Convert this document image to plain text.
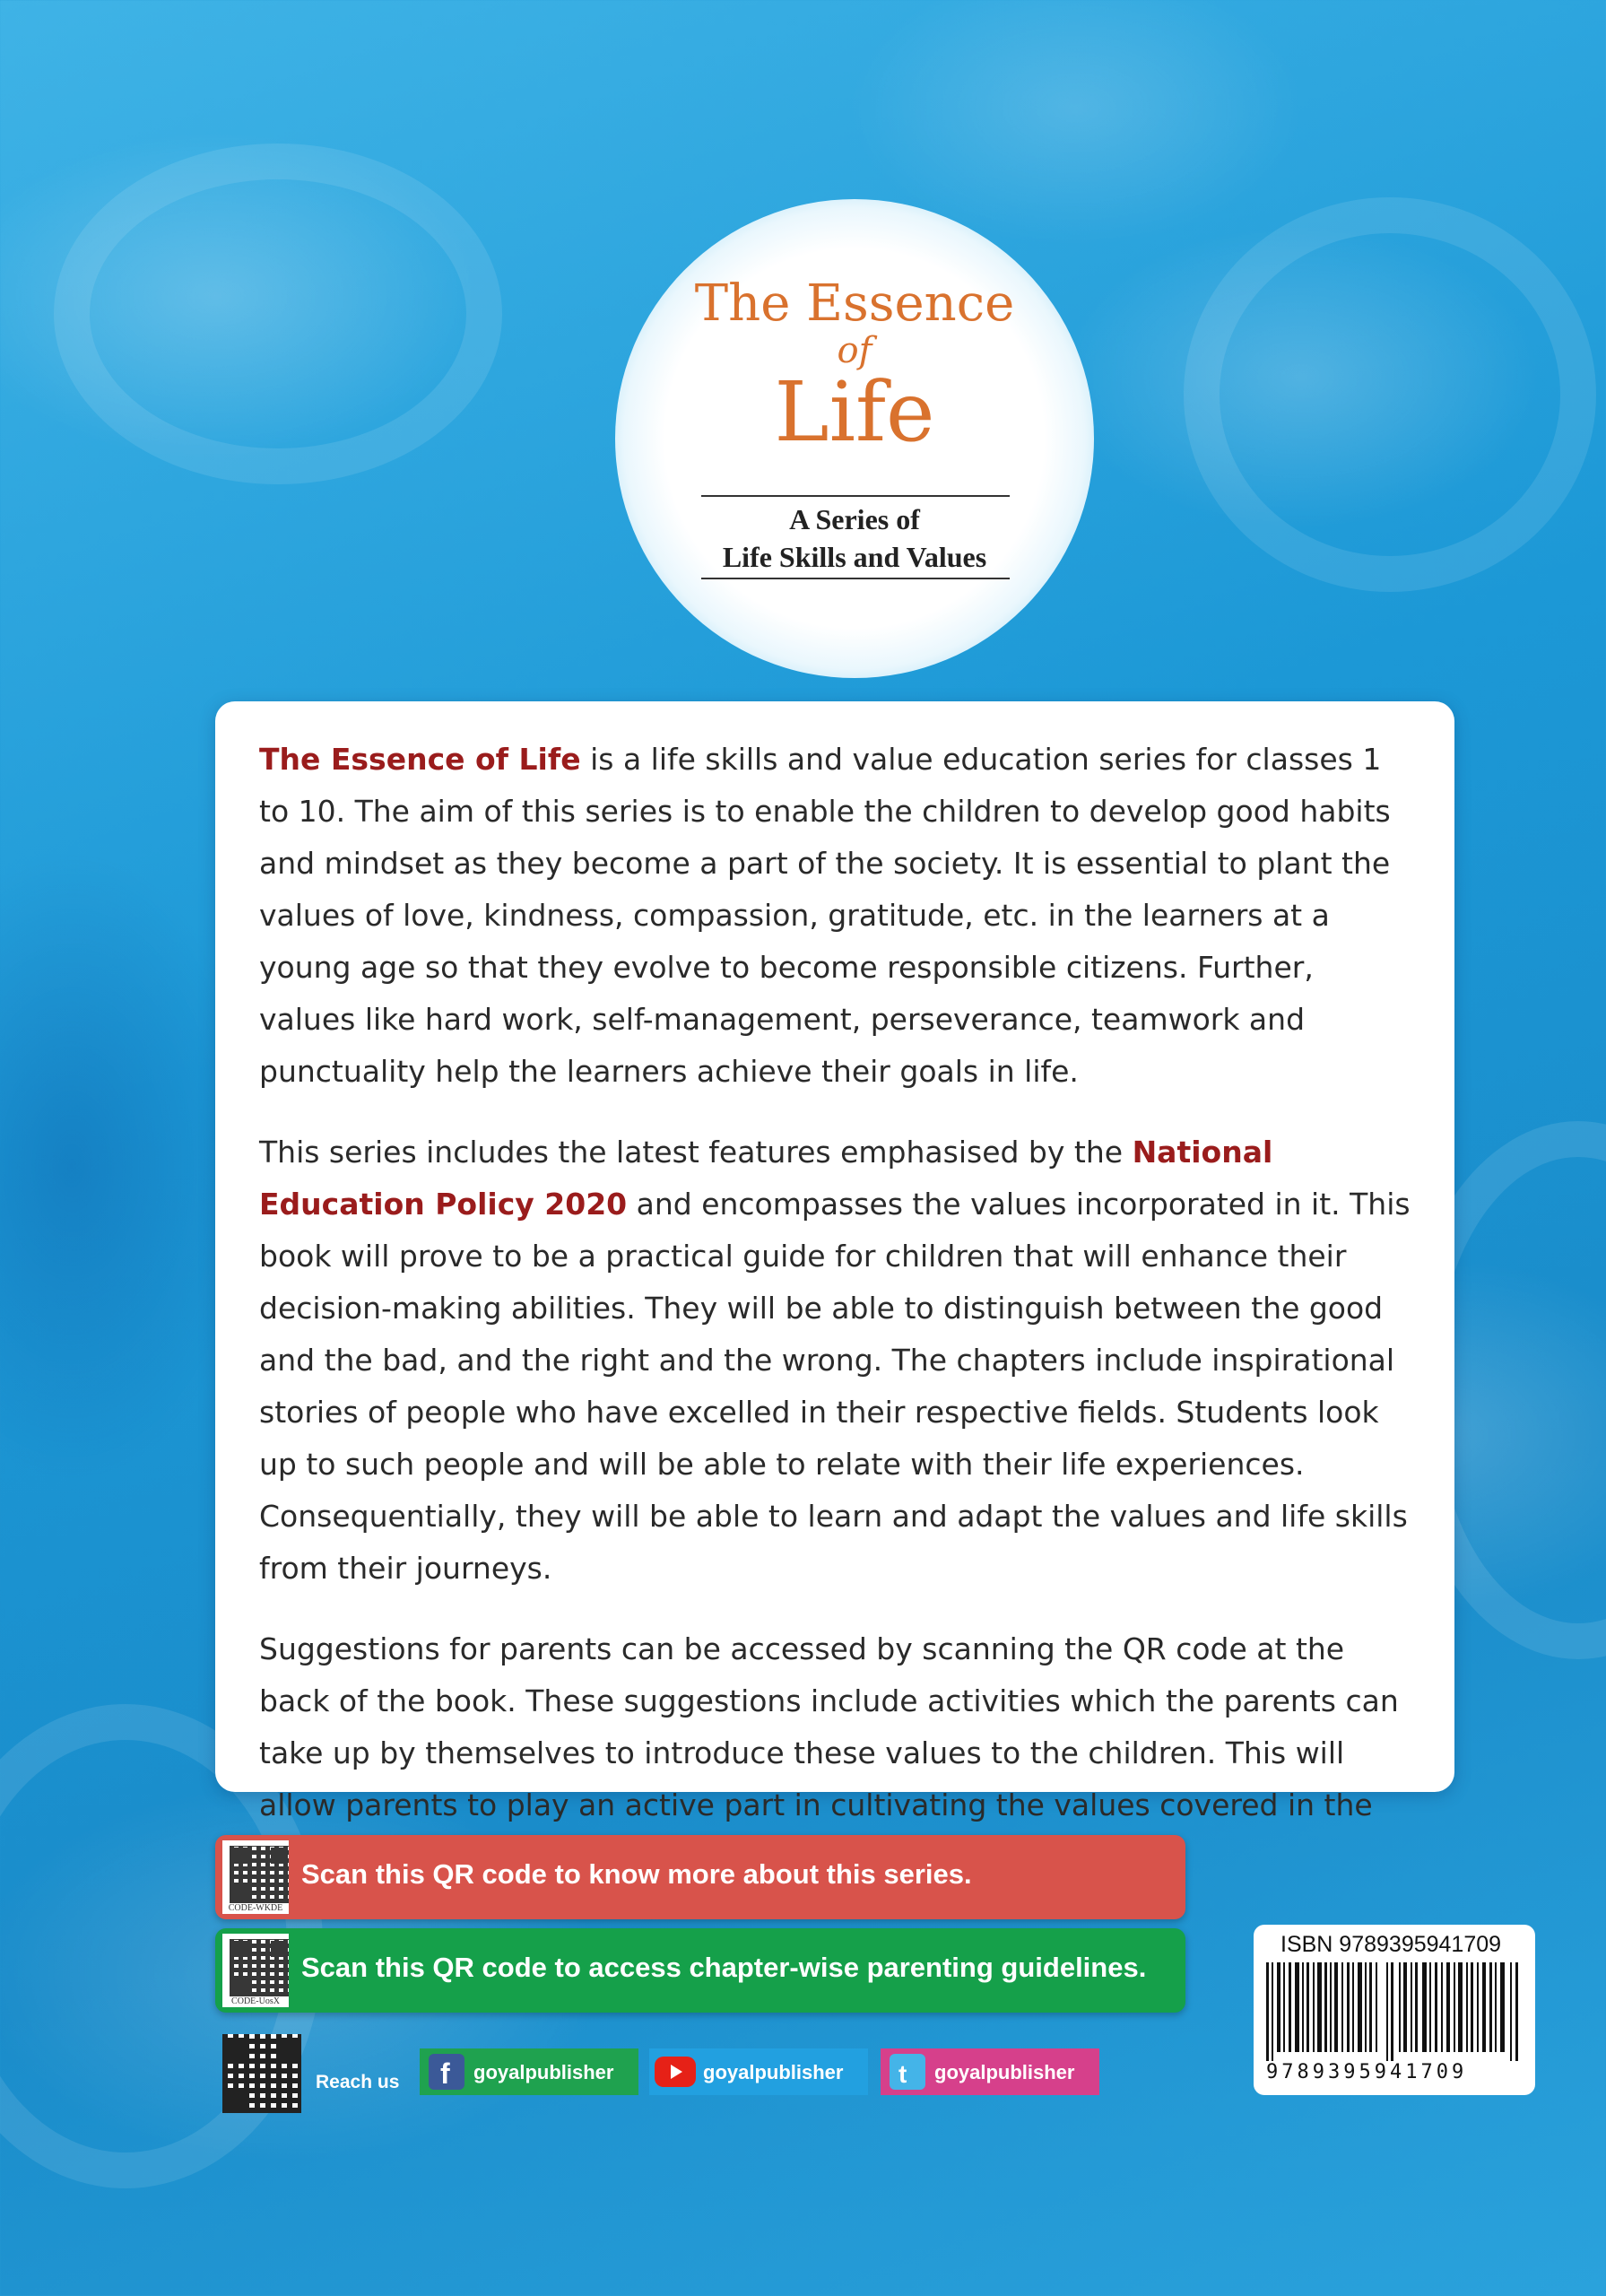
The Essence
of
Life
A Series of
Life Skills and Values

The Essence of Life is a life skills and value education series for classes 1 to 10. The aim of this series is to enable the children to develop good habits and mindset as they become a part of the society. It is essential to plant the values of love, kindness, compassion, gratitude, etc. in the learners at a young age so that they evolve to become responsible citizens. Further, values like hard work, self-management, perseverance, teamwork and punctuality help the learners achieve their goals in life.

This series includes the latest features emphasised by the National Education Policy 2020 and encompasses the values incorporated in it. This book will prove to be a practical guide for children that will enhance their decision-making abilities. They will be able to distinguish between the good and the bad, and the right and the wrong. The chapters include inspirational stories of people who have excelled in their respective fields. Students look up to such people and will be able to relate with their life experiences. Consequentially, they will be able to learn and adapt the values and life skills from their journeys.

Suggestions for parents can be accessed by scanning the QR code at the back of the book. These suggestions include activities which the parents can take up by themselves to introduce these values to the children. This will allow parents to play an active part in cultivating the values covered in the

CODE-WKDE
Scan this QR code to know more about this series.
CODE-UosX
Scan this QR code to access chapter-wise parenting guidelines.
Reach us f goyalpublisher	goyalpublisher t goyalpublisher
ISBN 9789395941709
9789395941709
